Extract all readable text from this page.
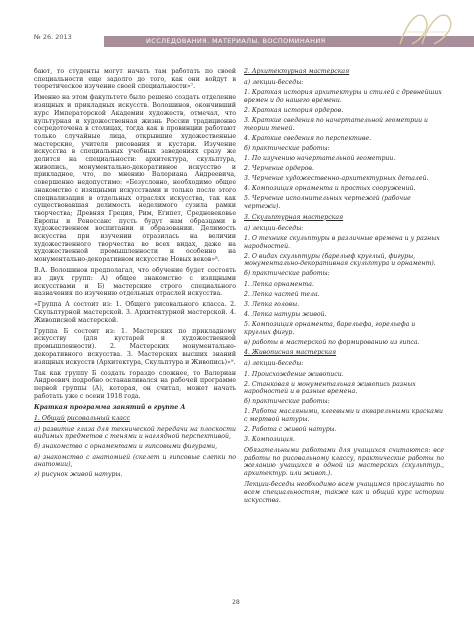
№ 26. 2013	ИССЛЕДОВАНИЯ. МАТЕРИАЛЫ. ВОСПОМИНАНИЯ

бают, то студенты могут начать там работать по своей специальности еще задолго до того, как они войдут в теоретическое изучение своей специальности»⁷.

Именно на этом факультете было решено создать отделение изящных и прикладных искусств. Волошинов, окончивший курс Императорской Академии художеств, отмечал, что культурная и художественная жизнь России традиционно сосредоточена в столицах, тогда как в провинции работают только случайные лица, открывшие художественные мастерские, учителя рисования и кустари. Изучение искусства в специальных учебных заведениях сразу же делится на специальности: архитектура, скульптура, живопись, монументально-декоративное искусство и прикладное, что, по мнению Валериана Андреевича, совершенно недопустимо: «Безусловно, необходимо общее знакомство с изящными искусствами и только после этого специализация в отдельных отраслях искусства, так как существовавшая делимость неделимого сузила рамки творчества; Древняя Греция, Рим, Египет, Средневековье Европы и Ренессанс пусть будут нам образцами в художественном воспитании и образовании. Делимость искусства при изучении отразилась на величии художественного творчества во всех видах, даже на художественной промышленности и особенно на монументально-декоративном искусстве Новых веков»⁸.

В.А. Волошинов предполагал, что обучение будет состоять из двух групп: А) общее знакомство с изящными искусствами и Б) мастерские строго специального назначения по изучению отдельных отраслей искусства.

«Группа А состоит из: 1. Общего рисовального класса. 2. Скульптурной мастерской. 3. Архитектурной мастерской. 4. Живописной мастерской.

Группа Б состоит из: 1. Мастерских по прикладному искусству (для кустарей и художественной промышленности). 2. Мастерских монументально-декоративного искусства. 3. Мастерских высших знаний изящных искусств (Архитектура, Скульптура и Живопись)»⁹.

Так как группу Б создать гораздо сложнее, то Валериан Андреевич подробно останавливался на рабочей программе первой группы (А), которая, он считал, может начать работать уже с осени 1918 года.

Краткая программа занятий в группе А

1. Общий рисовальный класс

а) развитие глаза для технической передачи на плоскости видимых предметов с тенями и наглядной перспективой,
б) знакомство с орнаментами и гипсовыми фигурами,
в) знакомство с анатомией (скелет и гипсовые слепки по анатомии),
г) рисунок живой натуры.

2. Архитектурная мастерская

а) лекции-беседы:
1. Краткая история архитектуры и стилей с древнейших времен и до нашего времени.
2. Краткая история ордеров.
3. Краткие сведения по начертательной геометрии и теории теней.
4. Краткие сведения по перспективе.
б) практические работы:
1. По изучению начертательной геометрии.
2. Черчение ордеров.
3. Черчение художественно-архитектурных деталей.
4. Композиция орнамента и простых сооружений.
5. Черчение исполнительных чертежей (рабочие чертежи).

3. Скульптурная мастерская

а) лекции-беседы:
1. О технике скульптуры в различные времена и у разных народностей.
2. О видах скульптуры (барельеф круглый, фигуры, монументально-декоративная скульптура и орнамент).
б) практические работы:
1. Лепка орнамента.
2. Лепка частей тела.
3. Лепка головы.
4. Лепка натуры живой.
5. Композиция орнамента, барельефа, горельефа и круглых фигур.
в) работы в мастерской по формированию из гипса.

4. Живописная мастерская

а) лекции-беседы:
1. Происхождение живописи.
2. Станковая и монументальная живопись разных народностей и в разные времена.
б) практические работы:
1. Работа масляными, клеевыми и акварельными красками с мертвой натуры.
2. Работа с живой натуры.
3. Композиция.

Обязательными работами для учащихся считаются: все работы по рисовальному классу, практические работы по желанию учащихся в одной из мастерских (скульптур., архитектур. или живоп.).

Лекции-беседы необходимо всем учащимся прослушать по всем специальностям, также как и общий курс истории искусства.

28
